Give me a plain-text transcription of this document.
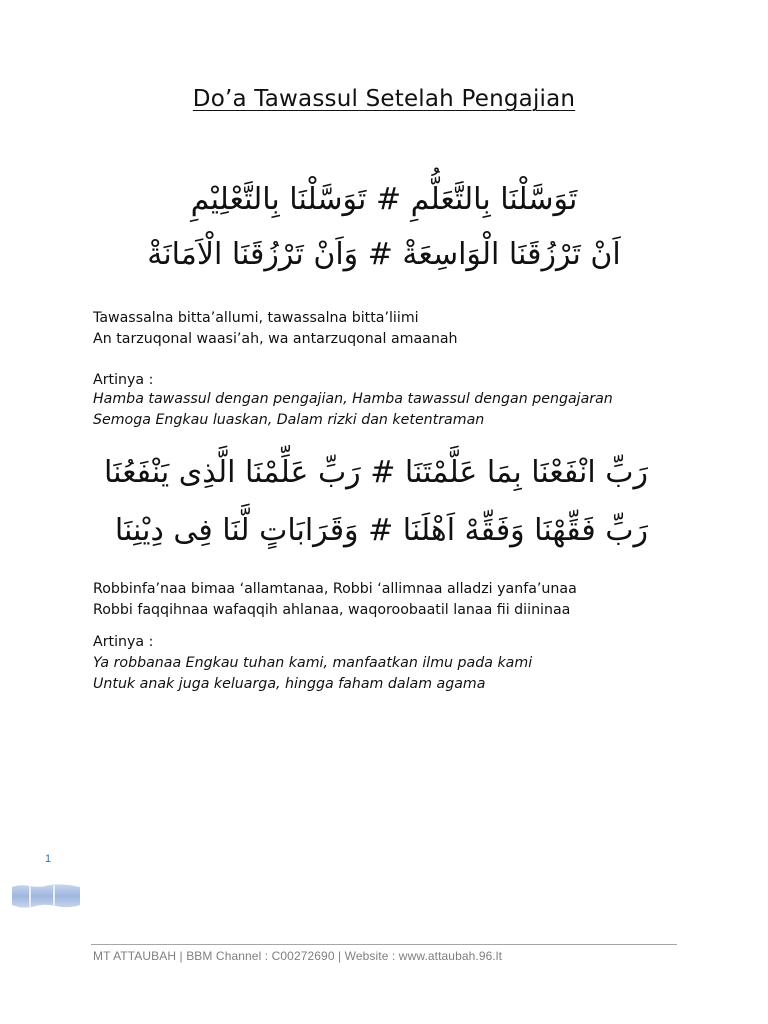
Do’a Tawassul Setelah Pengajian
تَوَسَّلْنَا بِالتَّعَلُّمِ # تَوَسَّلْنَا بِالتَّعْلِيْمِ
اَنْ تَرْزُقَنَا الْوَاسِعَةْ # وَاَنْ تَرْزُقَنَا الْاَمَانَةْ
Tawassalna bitta’allumi, tawassalna bitta’liimi
An tarzuqonal waasi’ah, wa antarzuqonal amaanah
Artinya :
Hamba tawassul dengan pengajian, Hamba tawassul dengan pengajaran
Semoga Engkau luaskan, Dalam rizki dan ketentraman
رَبِّ انْفَعْنَا بِمَا عَلَّمْتَنَا # رَبِّ عَلِّمْنَا الَّذِى يَنْفَعُنَا
رَبِّ فَقِّهْنَا وَفَقِّهْ اَهْلَنَا # وَقَرَابَاتٍ لَّنَا فِى دِيْنِنَا
Robbinfa’naa bimaa ‘allamtanaa, Robbi ‘allimnaa alladzi yanfa’unaa
Robbi faqqihnaa wafaqqih ahlanaa, waqoroobaatil lanaa fii diininaa
Artinya :
Ya robbanaa Engkau tuhan kami, manfaatkan ilmu pada kami
Untuk anak juga keluarga, hingga faham dalam agama
1
MT ATTAUBAH | BBM Channel : C00272690 | Website : www.attaubah.96.lt
